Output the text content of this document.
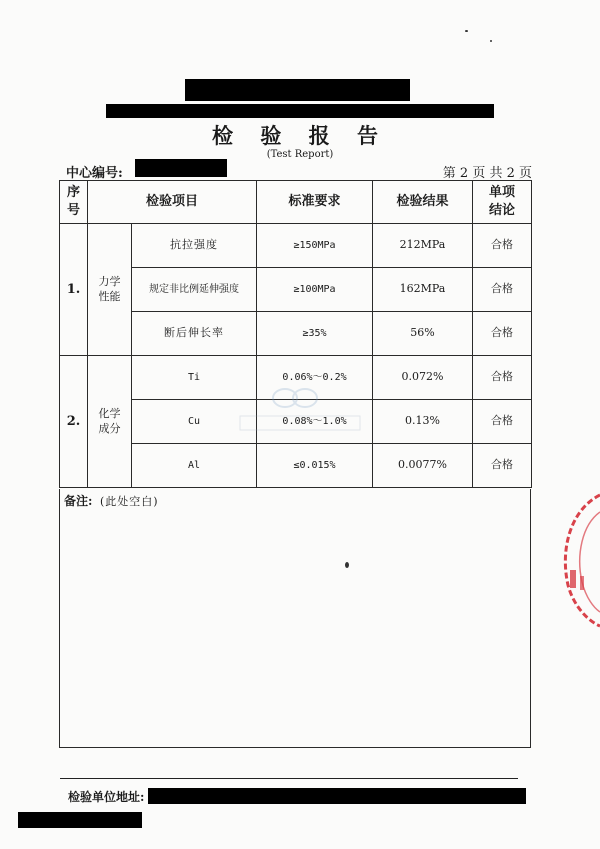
检 验 报 告
(Test Report)
中心编号:	第 2 页 共 2 页
序号	检验项目		标准要求	检验结果	单项结论
1.	力学性能	抗拉强度	≥150MPa	212MPa	合格
		规定非比例延伸强度	≥100MPa	162MPa	合格
		断后伸长率	≥35%	56%	合格
2.	化学成分	Ti	0.06%～0.2%	0.072%	合格
		Cu	0.08%～1.0%	0.13%	合格
		Al	≤0.015%	0.0077%	合格
备注: (此处空白)
检验单位地址:
